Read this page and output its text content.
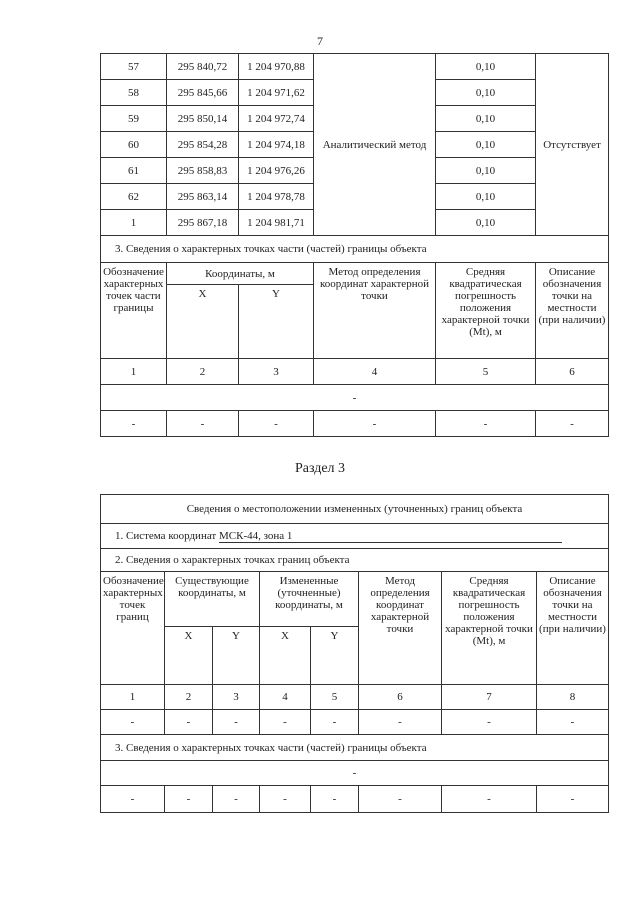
7
57	295 840,72	1 204 970,88	Аналитический метод	0,10	Отсутствует
58	295 845,66	1 204 971,62		0,10	
59	295 850,14	1 204 972,74		0,10	
60	295 854,28	1 204 974,18		0,10	
61	295 858,83	1 204 976,26		0,10	
62	295 863,14	1 204 978,78		0,10	
1	295 867,18	1 204 981,71		0,10	
3. Сведения о характерных точках части (частей) границы объекта					
Обозначение характерных точек части границы	Координаты, м		Метод определения координат характерной точки	Средняя квадратическая погрешность положения характерной точки (Mt), м	Описание обозначения точки на местности (при наличии)
	X	Y			
1	2	3	4	5	6
-					
-	-	-	-	-	-
Раздел 3
Сведения о местоположении измененных (уточненных) границ объекта							
1. Система координат МСК-44, зона 1							
2. Сведения о характерных точках границ объекта							
Обозначение характерных точек границ	Существующие координаты, м		Измененные (уточненные) координаты, м		Метод определения координат характерной точки	Средняя квадратическая погрешность положения характерной точки (Mt), м	Описание обозначения точки на местности (при наличии)
	X	Y	X	Y			
1	2	3	4	5	6	7	8
-	-	-	-	-	-	-	-
3. Сведения о характерных точках части (частей) границы объекта							
-							
-	-	-	-	-	-	-	-
